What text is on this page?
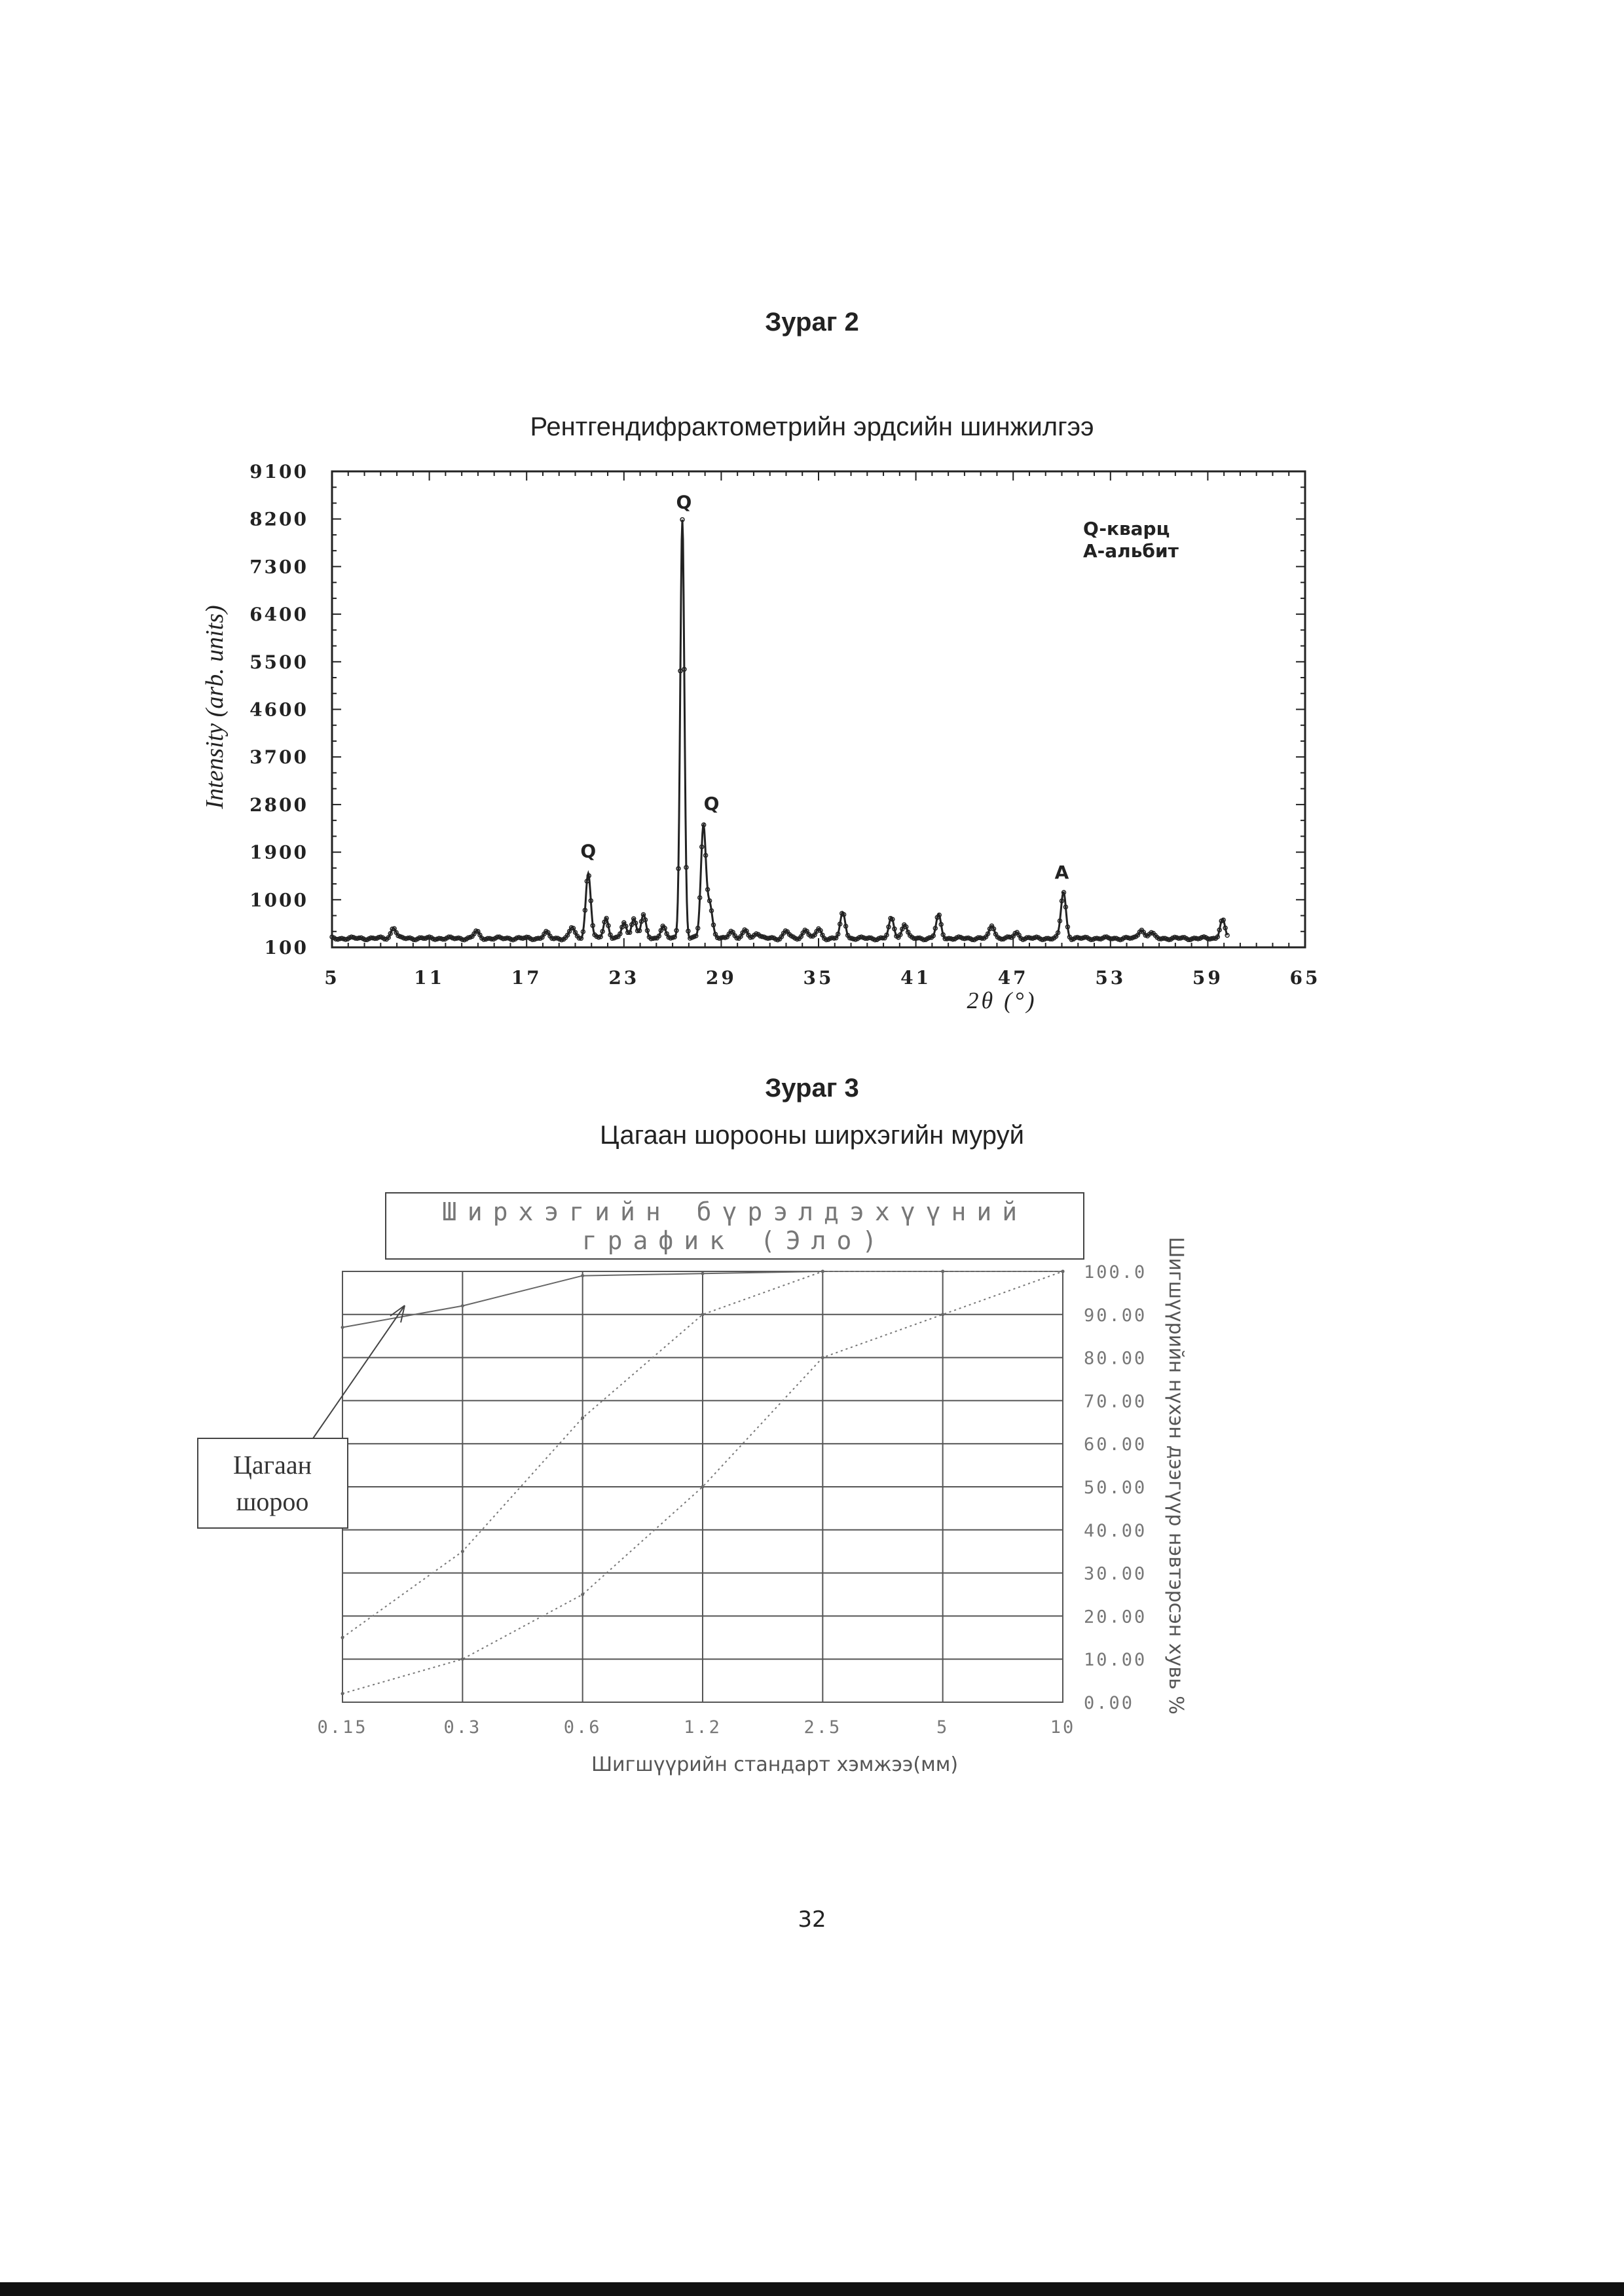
Зураг 2
Рентгендифрактометрийн эрдсийн шинжилгээ
100
1000
1900
2800
3700
4600
5500
6400
7300
8200
9100
5	11	17	23	29	35	41	47	53	59	65
Q
Q
Q
A
Intensity (arb. units)
2θ (°)
Q-кварц
А-альбит
Зураг 3
Цагаан шорооны ширхэгийн муруй
Ширхэгийн бүрэлдэхүүний
график (Эло)
0.00
10.00
20.00
30.00
40.00
50.00
60.00
70.00
80.00
90.00
100.0
0.15	0.3	0.6	1.2	2.5	5	10
Цагаан
шороо
Шигшүүрийн стандарт хэмжээ(мм)
Шигшүүрийн нүхэн дээгүүр нэвтэрсэн хувь %
32
